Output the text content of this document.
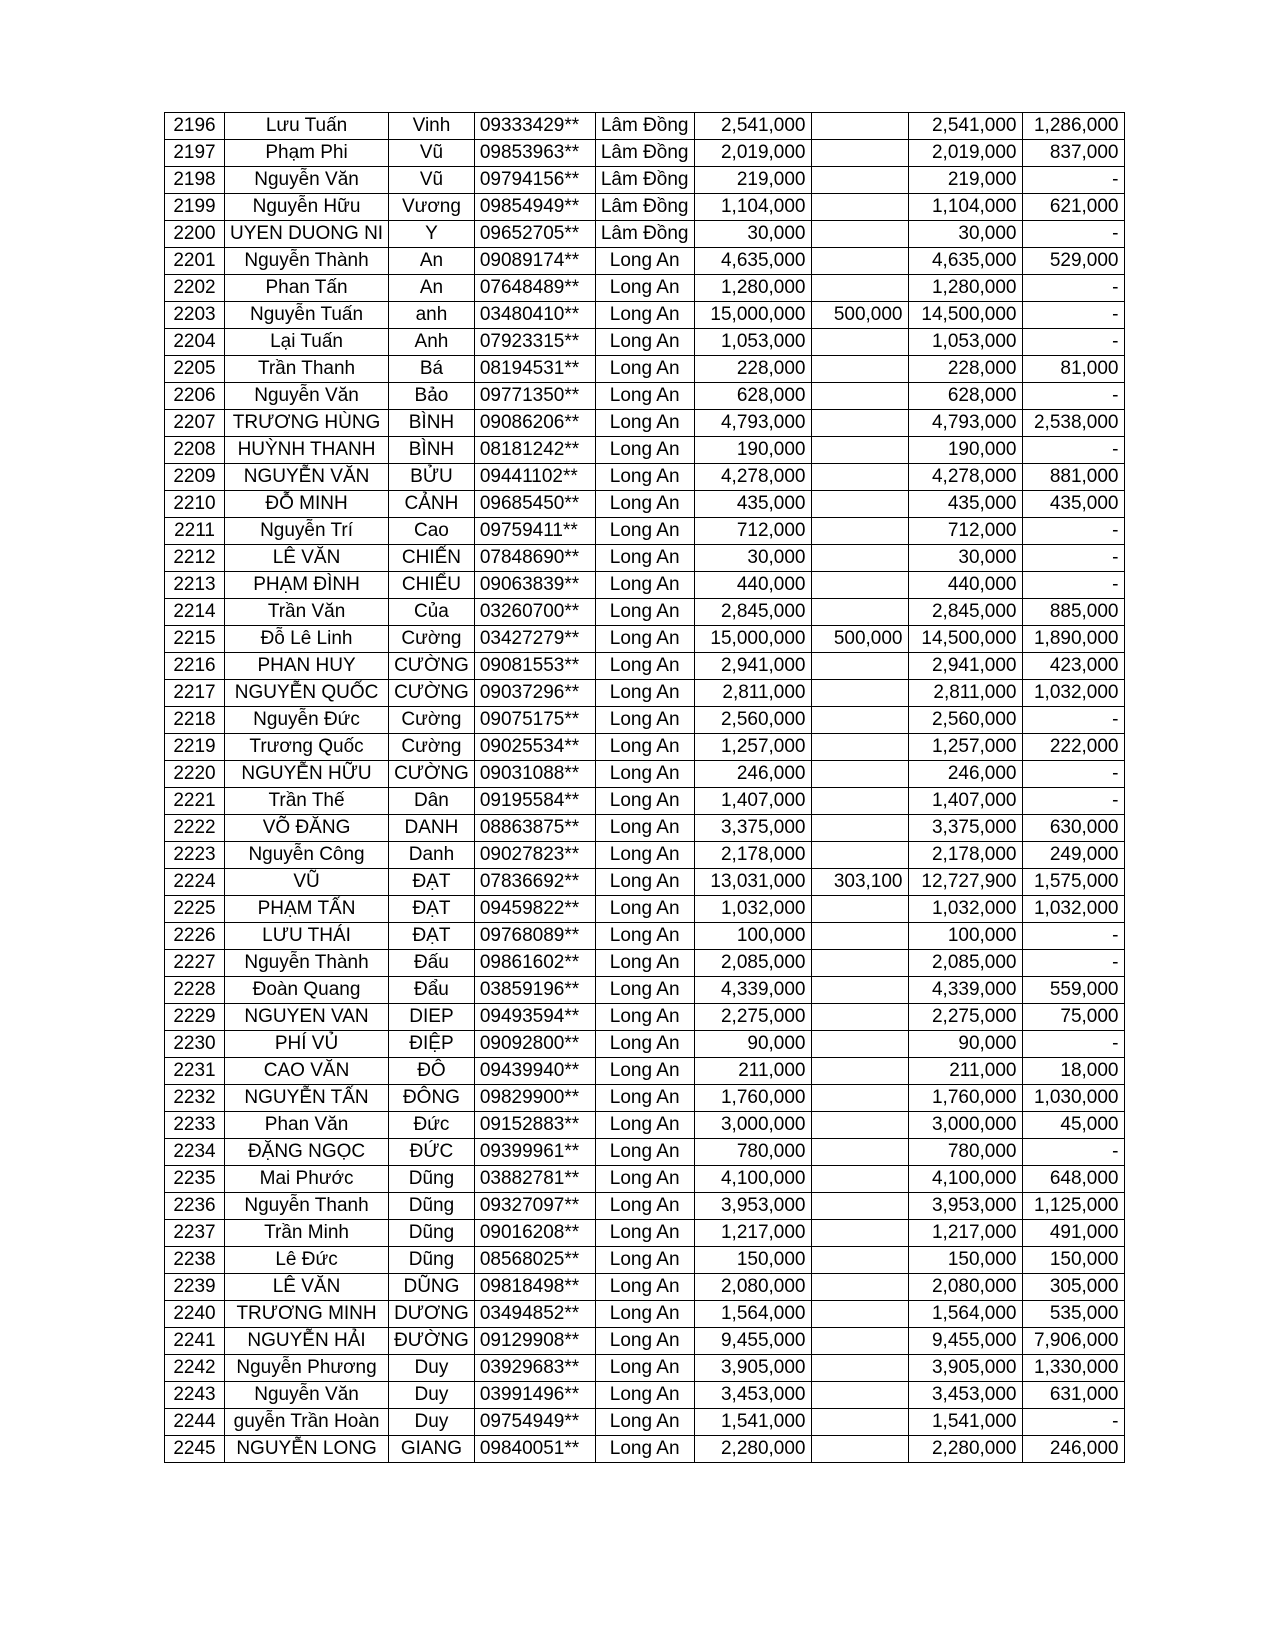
2196	Lưu Tuấn	Vinh	09333429**	Lâm Đồng	2,541,000		2,541,000	1,286,000
2197	Phạm Phi	Vũ	09853963**	Lâm Đồng	2,019,000		2,019,000	837,000
2198	Nguyễn Văn	Vũ	09794156**	Lâm Đồng	219,000		219,000	-
2199	Nguyễn Hữu	Vương	09854949**	Lâm Đồng	1,104,000		1,104,000	621,000
2200	UYEN DUONG NI	Y	09652705**	Lâm Đồng	30,000		30,000	-
2201	Nguyễn Thành	An	09089174**	Long An	4,635,000		4,635,000	529,000
2202	Phan Tấn	An	07648489**	Long An	1,280,000		1,280,000	-
2203	Nguyễn Tuấn	anh	03480410**	Long An	15,000,000	500,000	14,500,000	-
2204	Lại Tuấn	Anh	07923315**	Long An	1,053,000		1,053,000	-
2205	Trần Thanh	Bá	08194531**	Long An	228,000		228,000	81,000
2206	Nguyễn Văn	Bảo	09771350**	Long An	628,000		628,000	-
2207	TRƯƠNG HÙNG	BÌNH	09086206**	Long An	4,793,000		4,793,000	2,538,000
2208	HUỲNH THANH	BÌNH	08181242**	Long An	190,000		190,000	-
2209	NGUYỄN VĂN	BỬU	09441102**	Long An	4,278,000		4,278,000	881,000
2210	ĐỖ MINH	CẢNH	09685450**	Long An	435,000		435,000	435,000
2211	Nguyễn Trí	Cao	09759411**	Long An	712,000		712,000	-
2212	LÊ VĂN	CHIẾN	07848690**	Long An	30,000		30,000	-
2213	PHẠM ĐÌNH	CHIỂU	09063839**	Long An	440,000		440,000	-
2214	Trần Văn	Của	03260700**	Long An	2,845,000		2,845,000	885,000
2215	Đỗ Lê Linh	Cường	03427279**	Long An	15,000,000	500,000	14,500,000	1,890,000
2216	PHAN HUY	CƯỜNG	09081553**	Long An	2,941,000		2,941,000	423,000
2217	NGUYỄN QUỐC	CƯỜNG	09037296**	Long An	2,811,000		2,811,000	1,032,000
2218	Nguyễn Đức	Cường	09075175**	Long An	2,560,000		2,560,000	-
2219	Trương Quốc	Cường	09025534**	Long An	1,257,000		1,257,000	222,000
2220	NGUYỄN HỮU	CƯỜNG	09031088**	Long An	246,000		246,000	-
2221	Trần Thế	Dân	09195584**	Long An	1,407,000		1,407,000	-
2222	VÕ ĐĂNG	DANH	08863875**	Long An	3,375,000		3,375,000	630,000
2223	Nguyễn Công	Danh	09027823**	Long An	2,178,000		2,178,000	249,000
2224	VŨ	ĐẠT	07836692**	Long An	13,031,000	303,100	12,727,900	1,575,000
2225	PHẠM TẤN	ĐẠT	09459822**	Long An	1,032,000		1,032,000	1,032,000
2226	LƯU THÁI	ĐẠT	09768089**	Long An	100,000		100,000	-
2227	Nguyễn Thành	Đấu	09861602**	Long An	2,085,000		2,085,000	-
2228	Đoàn Quang	Đẩu	03859196**	Long An	4,339,000		4,339,000	559,000
2229	NGUYEN VAN	DIEP	09493594**	Long An	2,275,000		2,275,000	75,000
2230	PHÍ VỦ	ĐIỆP	09092800**	Long An	90,000		90,000	-
2231	CAO VĂN	ĐÔ	09439940**	Long An	211,000		211,000	18,000
2232	NGUYỄN TẤN	ĐÔNG	09829900**	Long An	1,760,000		1,760,000	1,030,000
2233	Phan Văn	Đức	09152883**	Long An	3,000,000		3,000,000	45,000
2234	ĐẶNG NGỌC	ĐỨC	09399961**	Long An	780,000		780,000	-
2235	Mai Phước	Dũng	03882781**	Long An	4,100,000		4,100,000	648,000
2236	Nguyễn Thanh	Dũng	09327097**	Long An	3,953,000		3,953,000	1,125,000
2237	Trần Minh	Dũng	09016208**	Long An	1,217,000		1,217,000	491,000
2238	Lê Đức	Dũng	08568025**	Long An	150,000		150,000	150,000
2239	LÊ VĂN	DŨNG	09818498**	Long An	2,080,000		2,080,000	305,000
2240	TRƯƠNG MINH	DƯƠNG	03494852**	Long An	1,564,000		1,564,000	535,000
2241	NGUYỄN HẢI	ĐƯỜNG	09129908**	Long An	9,455,000		9,455,000	7,906,000
2242	Nguyễn Phương	Duy	03929683**	Long An	3,905,000		3,905,000	1,330,000
2243	Nguyễn Văn	Duy	03991496**	Long An	3,453,000		3,453,000	631,000
2244	guyễn Trần Hoàn	Duy	09754949**	Long An	1,541,000		1,541,000	-
2245	NGUYỄN LONG	GIANG	09840051**	Long An	2,280,000		2,280,000	246,000
